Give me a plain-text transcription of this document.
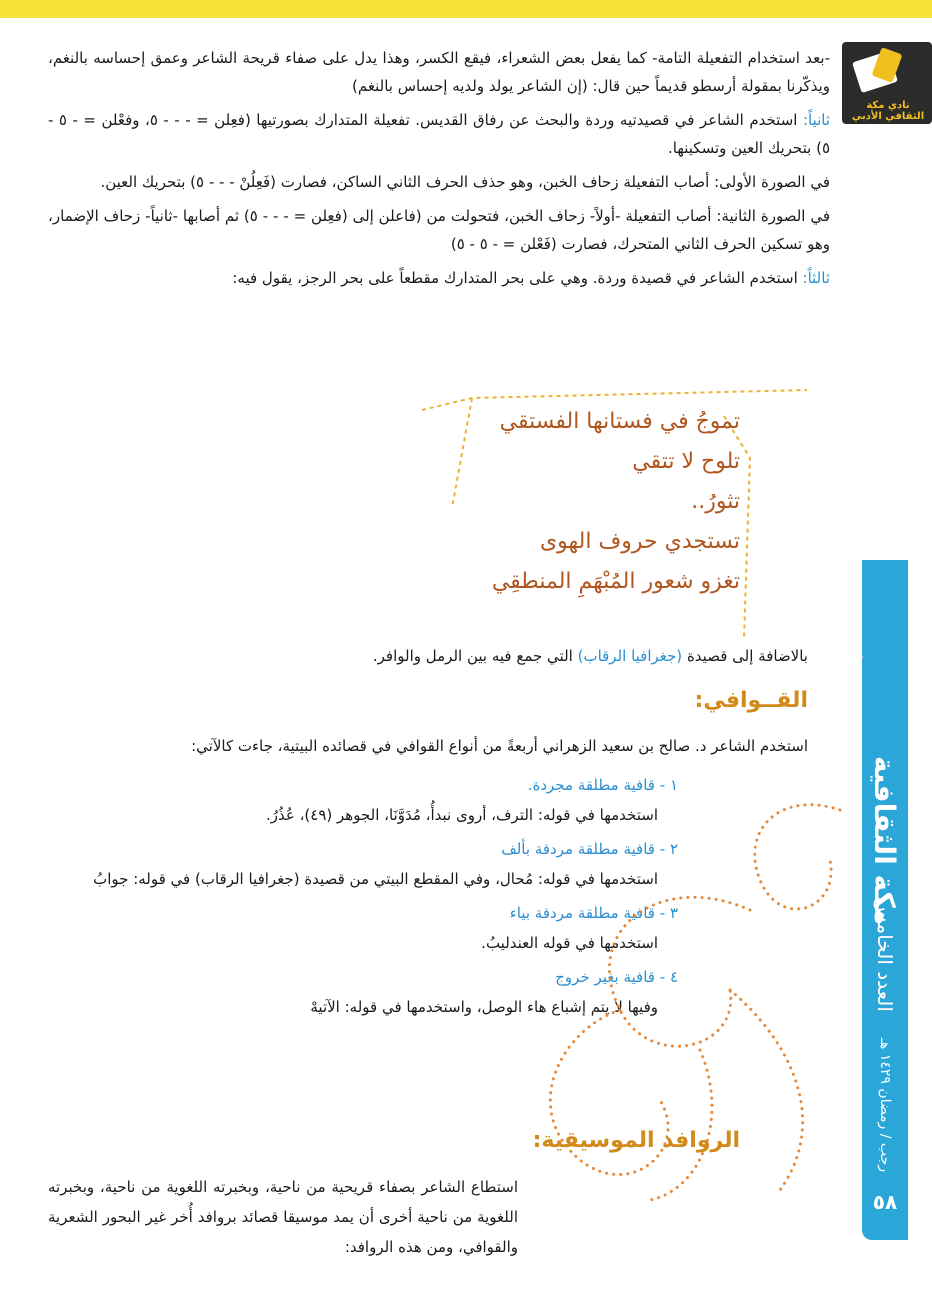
نادي مكة الثقافي الأدبي
مكة الثقافية
العدد الخامس
رجب / رمضان ١٤٢٩ هـ
٥٨

-بعد استخدام التفعيلة التامة- كما يفعل بعض الشعراء، فيقع الكسر، وهذا يدل على صفاء قريحة الشاعر وعمق إحساسه بالنغم، ويذكّرنا بمقولة أرسطو قديماً حين قال: (إن الشاعر يولد ولديه إحساس بالنغم)

ثانياً: استخدم الشاعر في قصيدتيه وردة والبحث عن رفاق القديس. تفعيلة المتدارك بصورتيها (فعِلن = - - - ٥، وفعْلن = - ٥ - ٥) بتحريك العين وتسكينها.

في الصورة الأولى: أصاب التفعيلة زحاف الخبن، وهو حذف الحرف الثاني الساكن، فصارت (فَعِلُنْ - - - ٥) بتحريك العين.

في الصورة الثانية: أصاب التفعيلة -أولاً- زحاف الخبن، فتحولت من (فاعلن إلى (فعِلن = - - - ٥) ثم أصابها -ثانياً- زحاف الإضمار، وهو تسكين الحرف الثاني المتحرك، فصارت (فَعْلن = - ٥ - ٥)

ثالثاً: استخدم الشاعر في قصيدة وردة. وهي على بحر المتدارك مقطعاً على بحر الرجز، يقول فيه:

تموجُ في فستانها الفستقي
تلوح لا تتقي
تثورُ..
تستجدي حروف الهوى
تغزو شعور المُبْهَمِ المنطقِي
بالاضافة إلى قصيدة (جغرافيا الرقاب) التي جمع فيه بين الرمل والوافر.
القــوافي:
استخدم الشاعر د. صالح بن سعيد الزهراني أربعةً من أنواع القوافي في قصائده البيتية، جاءت كالآتي:
١ - قافية مطلقة مجردة.
استخدمها في قوله: الترف، أروى نبدأُ، مُدَوَّنَا، الجوهر (٤٩)، عُذُرُ.
٢ - قافية مطلقة مردفة بألف
استخدمها في قوله: مُحال، وفي المقطع البيتي من قصيدة (جغرافيا الرقاب) في قوله: جوابُ
٣ - قافية مطلقة مردفة بياء
استخدمها في قوله العندليبُ.
٤ - قافية بغير خروج
وفيها لا يتم إشباع هاء الوصل، واستخدمها في قوله: الآتيهْ
الروافد الموسيقية:
استطاع الشاعر بصفاء قريحية من ناحية، وبخبرته اللغوية من ناحية، وبخبرته اللغوية من ناحية أخرى أن يمد موسيقا قصائد بروافد أُخر غير البحور الشعرية والقوافي، ومن هذه الروافد:
